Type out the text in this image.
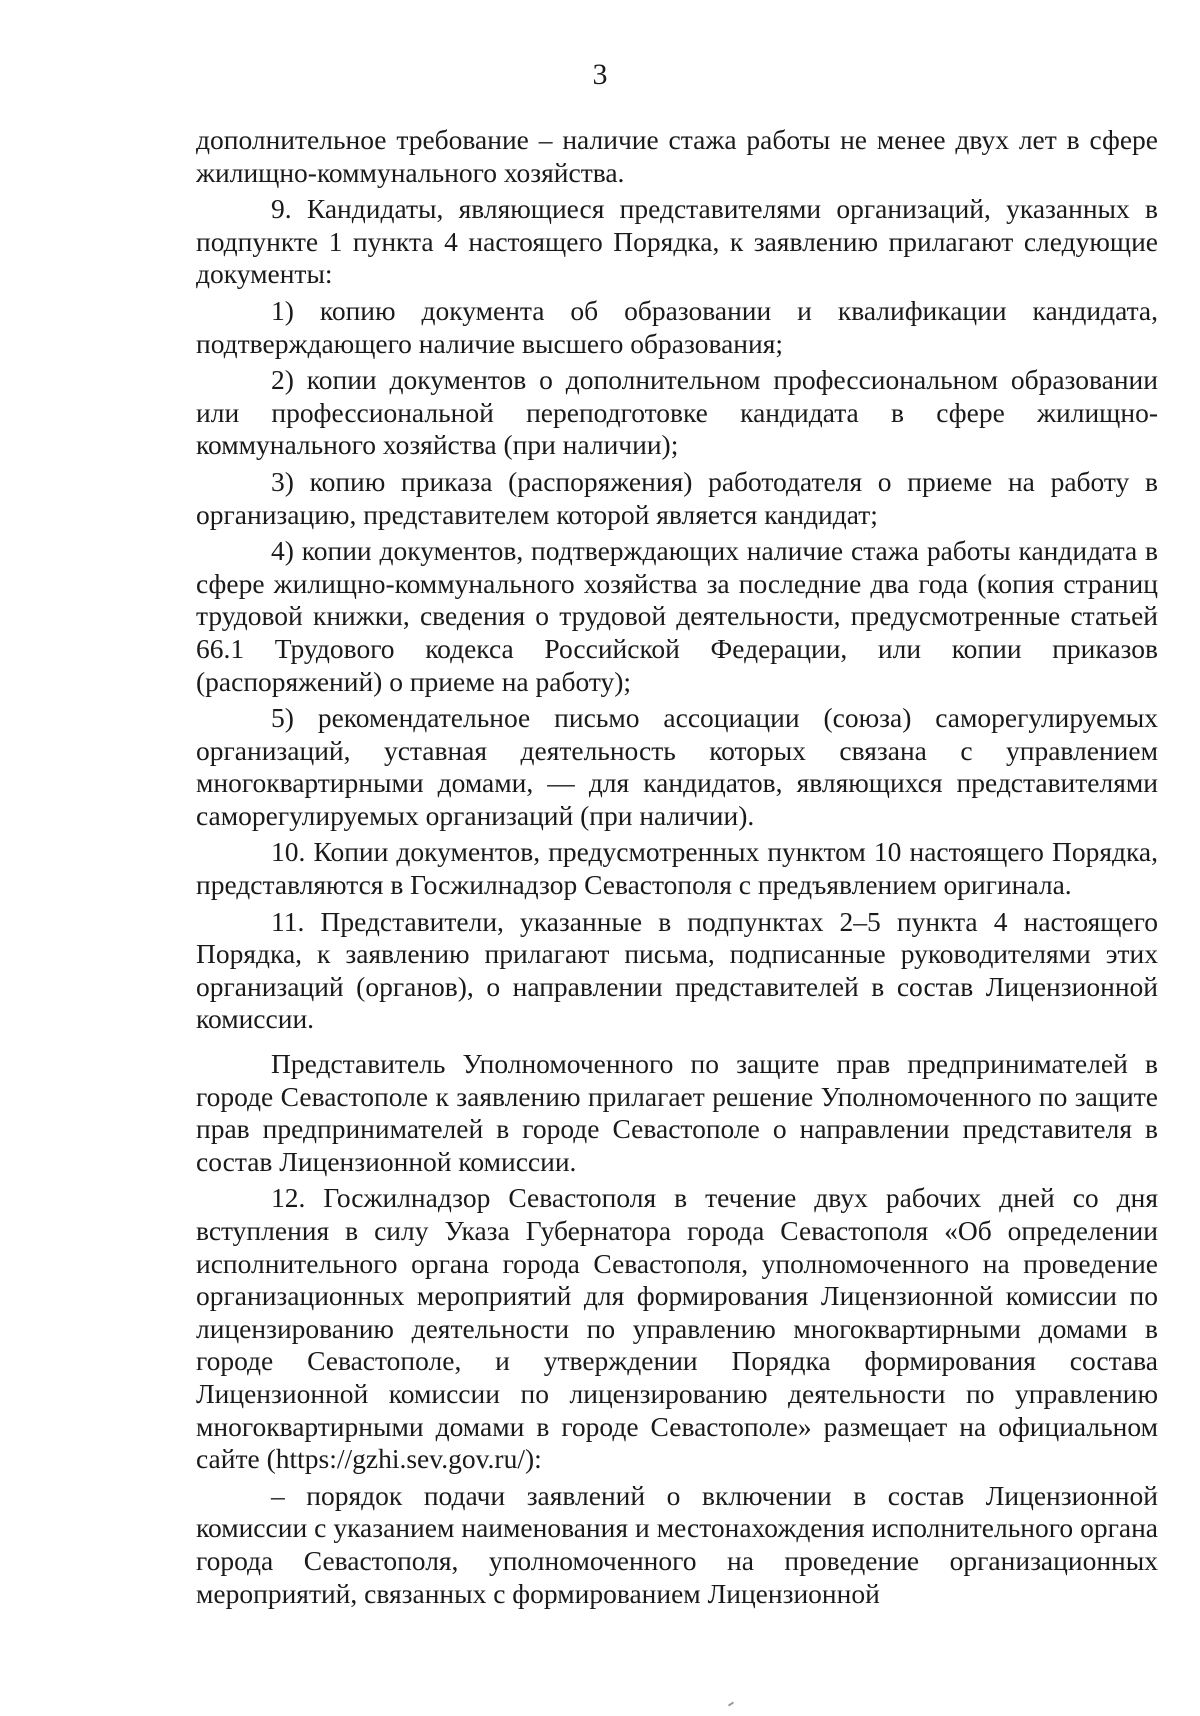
3

дополнительное требование – наличие стажа работы не менее двух лет в сфере жилищно-коммунального хозяйства.

9. Кандидаты, являющиеся представителями организаций, указанных в подпункте 1 пункта 4 настоящего Порядка, к заявлению прилагают следующие документы:

1) копию документа об образовании и квалификации кандидата, подтверждающего наличие высшего образования;

2) копии документов о дополнительном профессиональном образовании или профессиональной переподготовке кандидата в сфере жилищно-коммунального хозяйства (при наличии);

3) копию приказа (распоряжения) работодателя о приеме на работу в организацию, представителем которой является кандидат;

4) копии документов, подтверждающих наличие стажа работы кандидата в сфере жилищно-коммунального хозяйства за последние два года (копия страниц трудовой книжки, сведения о трудовой деятельности, предусмотренные статьей 66.1 Трудового кодекса Российской Федерации, или копии приказов (распоряжений) о приеме на работу);

5) рекомендательное письмо ассоциации (союза) саморегулируемых организаций, уставная деятельность которых связана с управлением многоквартирными домами, — для кандидатов, являющихся представителями саморегулируемых организаций (при наличии).

10. Копии документов, предусмотренных пунктом 10 настоящего Порядка, представляются в Госжилнадзор Севастополя с предъявлением оригинала.

11. Представители, указанные в подпунктах 2–5 пункта 4 настоящего Порядка, к заявлению прилагают письма, подписанные руководителями этих организаций (органов), о направлении представителей в состав Лицензионной комиссии.

Представитель Уполномоченного по защите прав предпринимателей в городе Севастополе к заявлению прилагает решение Уполномоченного по защите прав предпринимателей в городе Севастополе о направлении представителя в состав Лицензионной комиссии.

12. Госжилнадзор Севастополя в течение двух рабочих дней со дня вступления в силу Указа Губернатора города Севастополя «Об определении исполнительного органа города Севастополя, уполномоченного на проведение организационных мероприятий для формирования Лицензионной комиссии по лицензированию деятельности по управлению многоквартирными домами в городе Севастополе, и утверждении Порядка формирования состава Лицензионной комиссии по лицензированию деятельности по управлению многоквартирными домами в городе Севастополе» размещает на официальном сайте (https://gzhi.sev.gov.ru/):

– порядок подачи заявлений о включении в состав Лицензионной комиссии с указанием наименования и местонахождения исполнительного органа города Севастополя, уполномоченного на проведение организационных мероприятий, связанных с формированием Лицензионной
